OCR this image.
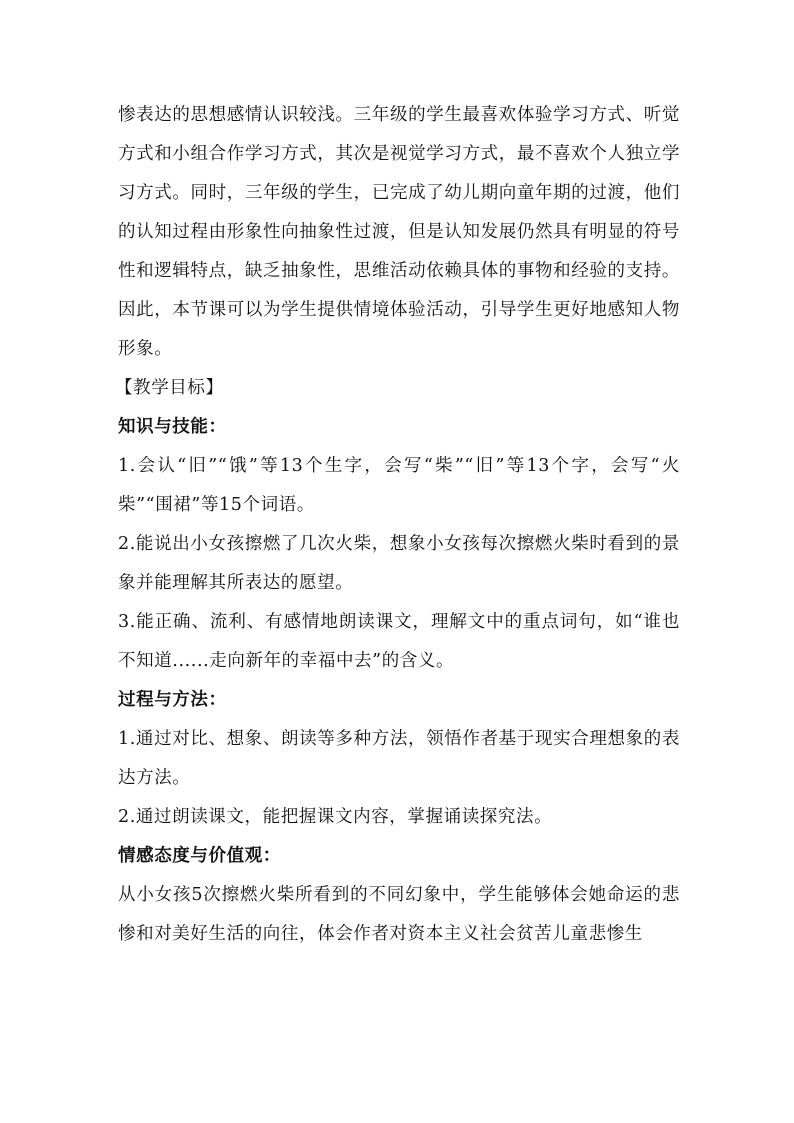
惨表达的思想感情认识较浅。三年级的学生最喜欢体验学习方式、听觉方式和小组合作学习方式，其次是视觉学习方式，最不喜欢个人独立学习方式。同时，三年级的学生，已完成了幼儿期向童年期的过渡，他们的认知过程由形象性向抽象性过渡，但是认知发展仍然具有明显的符号性和逻辑特点，缺乏抽象性，思维活动依赖具体的事物和经验的支持。因此，本节课可以为学生提供情境体验活动，引导学生更好地感知人物形象。

【教学目标】

知识与技能：

1.会认“旧”“饿”等13个生字，会写“柴”“旧”等13个字，会写“火柴”“围裙”等15个词语。

2.能说出小女孩擦燃了几次火柴，想象小女孩每次擦燃火柴时看到的景象并能理解其所表达的愿望。

3.能正确、流利、有感情地朗读课文，理解文中的重点词句，如“谁也不知道......走向新年的幸福中去”的含义。

过程与方法：

1.通过对比、想象、朗读等多种方法，领悟作者基于现实合理想象的表达方法。

2.通过朗读课文，能把握课文内容，掌握诵读探究法。

情感态度与价值观：

从小女孩5次擦燃火柴所看到的不同幻象中，学生能够体会她命运的悲惨和对美好生活的向往，体会作者对资本主义社会贫苦儿童悲惨生
